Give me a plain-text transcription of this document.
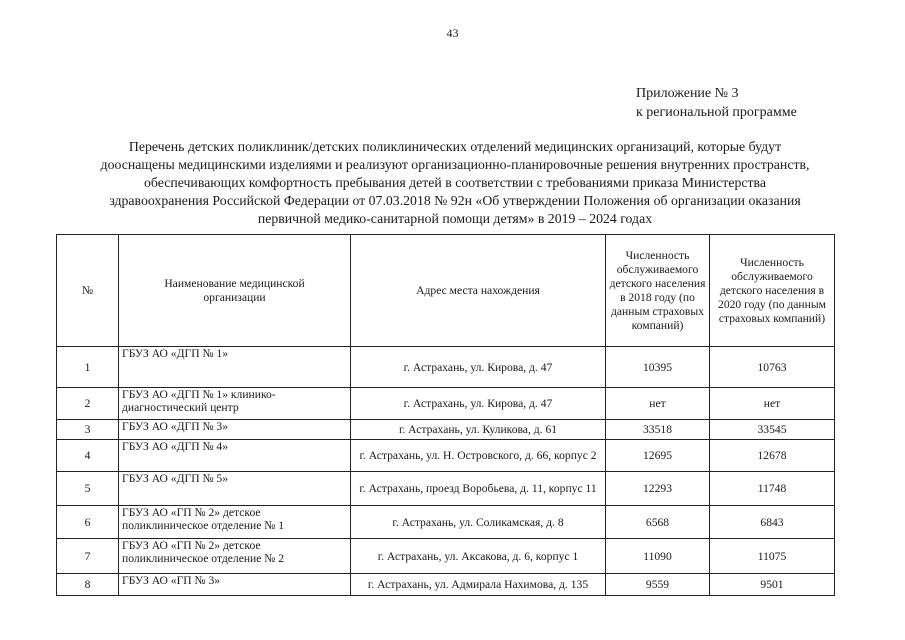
43
Приложение № 3
к региональной программе
Перечень детских поликлиник/детских поликлинических отделений медицинских организаций, которые будут
дооснащены медицинскими изделиями и реализуют организационно-планировочные решения внутренних пространств,
обеспечивающих комфортность пребывания детей в соответствии с требованиями приказа Министерства
здравоохранения Российской Федерации от 07.03.2018 № 92н «Об утверждении Положения об организации оказания
первичной медико-санитарной помощи детям» в 2019 – 2024 годах
№	Наименование медицинской организации	Адрес места нахождения	Численность обслуживаемого детского населения в 2018 году (по данным страховых компаний)	Численность обслуживаемого детского населения в 2020 году (по данным страховых компаний)
1	ГБУЗ АО «ДГП № 1»	г. Астрахань, ул. Кирова, д. 47	10395	10763
2	ГБУЗ АО «ДГП № 1» клинико-диагностический центр	г. Астрахань, ул. Кирова, д. 47	нет	нет
3	ГБУЗ АО «ДГП № 3»	г. Астрахань, ул. Куликова, д. 61	33518	33545
4	ГБУЗ АО «ДГП № 4»	г. Астрахань, ул. Н. Островского, д. 66, корпус 2	12695	12678
5	ГБУЗ АО «ДГП № 5»	г. Астрахань, проезд Воробьева, д. 11, корпус 11	12293	11748
6	ГБУЗ АО «ГП № 2» детское поликлиническое отделение № 1	г. Астрахань, ул. Соликамская, д. 8	6568	6843
7	ГБУЗ АО «ГП № 2» детское поликлиническое отделение № 2	г. Астрахань, ул. Аксакова, д. 6, корпус 1	11090	11075
8	ГБУЗ АО «ГП № 3»	г. Астрахань, ул. Адмирала Нахимова, д. 135	9559	9501
